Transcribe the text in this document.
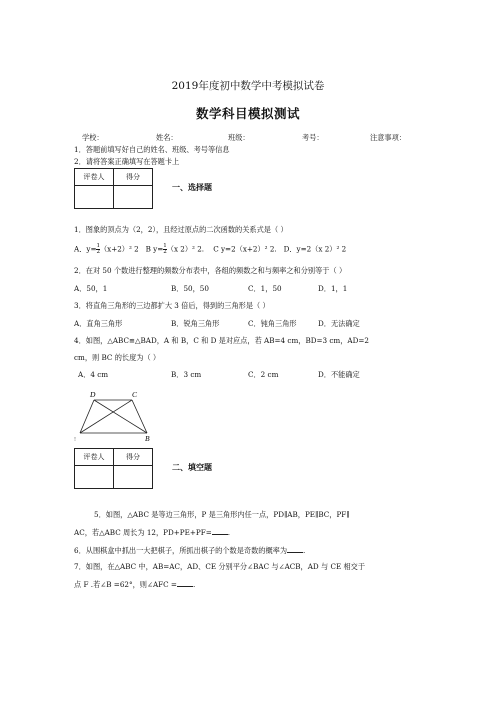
2019年度初中数学中考模拟试卷
数学科目模拟测试
学校：	姓名：	班级：	考号：	注意事项：
1．答题前填写好自己的姓名、班级、考号等信息
2．请将答案正确填写在答题卡上
评卷人	得分

一、选择题
1．图象的顶点为（2，2），且经过原点的二次函数的关系式是（ ）
A．$y= \frac{1}{2} (x+2)^2$ 2 B $y= \frac{1}{2} (x$ 2）² 2. C y=2（x+2）² 2. D．y=2（x 2）² 2
2．在对 50 个数进行整理的频数分布表中，各组的频数之和与频率之和分别等于（ ）
A．50，1	B．50，50	C．1，50	D．1，1
3．将直角三角形的三边都扩大 3 倍后，得到的三角形是（ ）
A．直角三角形	B．锐角三角形	C．钝角三角形	D．无法确定
4．如图，△ABC≌△BAD，A 和 B，C 和 D 是对应点，若 AB=4 cm，BD=3 cm，AD=2
cm，则 BC 的长度为（ ）
A．4 cm	B．3 cm	C．2 cm	D．不能确定
D	C
!	B
评卷人	得分

二、填空题
5．如图，△ABC 是等边三角形，P 是三角形内任一点，PD∥AB，PE∥BC，PF∥
AC，若△ABC 周长为 12，PD+PE+PF= .
6．从围棋盒中抓出一大把棋子，所抓出棋子的个数是奇数的概率为 .
7．如图，在△ABC 中，AB=AC，AD、CE 分别平分∠BAC 与∠ACB，AD 与 CE 相交于
点 F .若∠B =62°，则∠AFC = .
